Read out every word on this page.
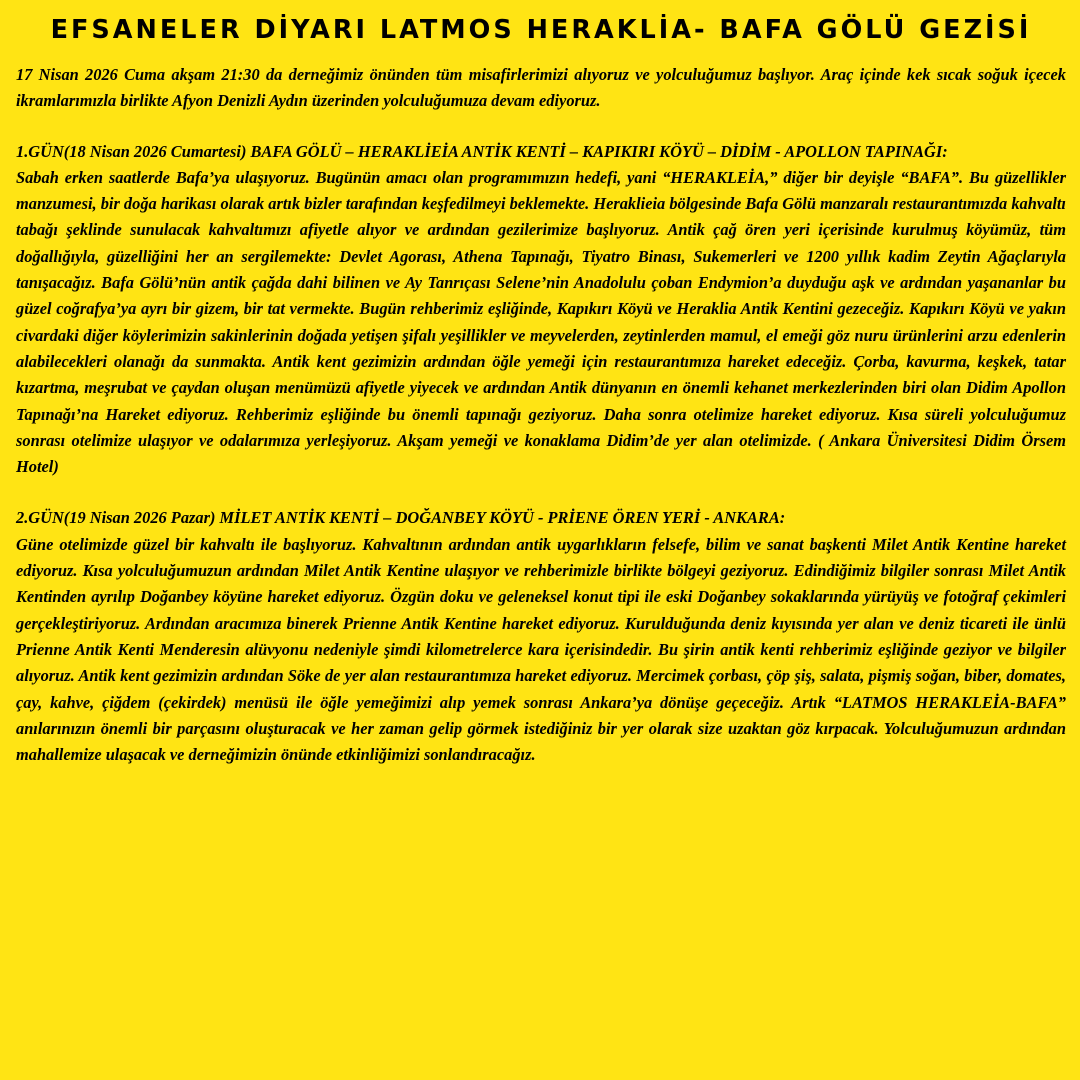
EFSANELER DİYARI LATMOS HERAKLİA- BAFA GÖLÜ GEZİSİ

17 Nisan 2026 Cuma akşam 21:30 da derneğimiz önünden tüm misafirlerimizi alıyoruz ve yolculuğumuz başlıyor. Araç içinde kek sıcak soğuk içecek ikramlarımızla birlikte Afyon Denizli Aydın üzerinden yolculuğumuza devam ediyoruz.

1.GÜN(18 Nisan 2026 Cumartesi) BAFA GÖLÜ – HERAKLİEİA ANTİK KENTİ – KAPIKIRI KÖYÜ – DİDİM - APOLLON TAPINAĞI:
Sabah erken saatlerde Bafa’ya ulaşıyoruz. Bugünün amacı olan programımızın hedefi, yani “HERAKLEİA,” diğer bir deyişle “BAFA”. Bu güzellikler manzumesi, bir doğa harikası olarak artık bizler tarafından keşfedilmeyi beklemekte. Heraklieia bölgesinde Bafa Gölü manzaralı restaurantımızda kahvaltı tabağı şeklinde sunulacak kahvaltımızı afiyetle alıyor ve ardından gezilerimize başlıyoruz. Antik çağ ören yeri içerisinde kurulmuş köyümüz, tüm doğallığıyla, güzelliğini her an sergilemekte: Devlet Agorası, Athena Tapınağı, Tiyatro Binası, Sukemerleri ve 1200 yıllık kadim Zeytin Ağaçlarıyla tanışacağız. Bafa Gölü’nün antik çağda dahi bilinen ve Ay Tanrıçası Selene’nin Anadolulu çoban Endymion’a duyduğu aşk ve ardından yaşananlar bu güzel coğrafya’ya ayrı bir gizem, bir tat vermekte. Bugün rehberimiz eşliğinde, Kapıkırı Köyü ve Heraklia Antik Kentini gezeceğiz. Kapıkırı Köyü ve yakın civardaki diğer köylerimizin sakinlerinin doğada yetişen şifalı yeşillikler ve meyvelerden, zeytinlerden mamul, el emeği göz nuru ürünlerini arzu edenlerin alabilecekleri olanağı da sunmakta. Antik kent gezimizin ardından öğle yemeği için restaurantımıza hareket edeceğiz. Çorba, kavurma, keşkek, tatar kızartma, meşrubat ve çaydan oluşan menümüzü afiyetle yiyecek ve ardından Antik dünyanın en önemli kehanet merkezlerinden biri olan Didim Apollon Tapınağı’na Hareket ediyoruz. Rehberimiz eşliğinde bu önemli tapınağı geziyoruz. Daha sonra otelimize hareket ediyoruz. Kısa süreli yolculuğumuz sonrası otelimize ulaşıyor ve odalarımıza yerleşiyoruz. Akşam yemeği ve konaklama Didim’de yer alan otelimizde. ( Ankara Üniversitesi Didim Örsem Hotel)

2.GÜN(19 Nisan 2026 Pazar) MİLET ANTİK KENTİ – DOĞANBEY KÖYÜ - PRİENE ÖREN YERİ - ANKARA:
Güne otelimizde güzel bir kahvaltı ile başlıyoruz. Kahvaltının ardından antik uygarlıkların felsefe, bilim ve sanat başkenti Milet Antik Kentine hareket ediyoruz. Kısa yolculuğumuzun ardından Milet Antik Kentine ulaşıyor ve rehberimizle birlikte bölgeyi geziyoruz. Edindiğimiz bilgiler sonrası Milet Antik Kentinden ayrılıp Doğanbey köyüne hareket ediyoruz. Özgün doku ve geleneksel konut tipi ile eski Doğanbey sokaklarında yürüyüş ve fotoğraf çekimleri gerçekleştiriyoruz. Ardından aracımıza binerek Prienne Antik Kentine hareket ediyoruz. Kurulduğunda deniz kıyısında yer alan ve deniz ticareti ile ünlü Prienne Antik Kenti Menderesin alüvyonu nedeniyle şimdi kilometrelerce kara içerisindedir. Bu şirin antik kenti rehberimiz eşliğinde geziyor ve bilgiler alıyoruz. Antik kent gezimizin ardından Söke de yer alan restaurantımıza hareket ediyoruz. Mercimek çorbası, çöp şiş, salata, pişmiş soğan, biber, domates, çay, kahve, çiğdem (çekirdek) menüsü ile öğle yemeğimizi alıp yemek sonrası Ankara’ya dönüşe geçeceğiz. Artık “LATMOS HERAKLEİA-BAFA” anılarınızın önemli bir parçasını oluşturacak ve her zaman gelip görmek istediğiniz bir yer olarak size uzaktan göz kırpacak. Yolculuğumuzun ardından mahallemize ulaşacak ve derneğimizin önünde etkinliğimizi sonlandıracağız.
